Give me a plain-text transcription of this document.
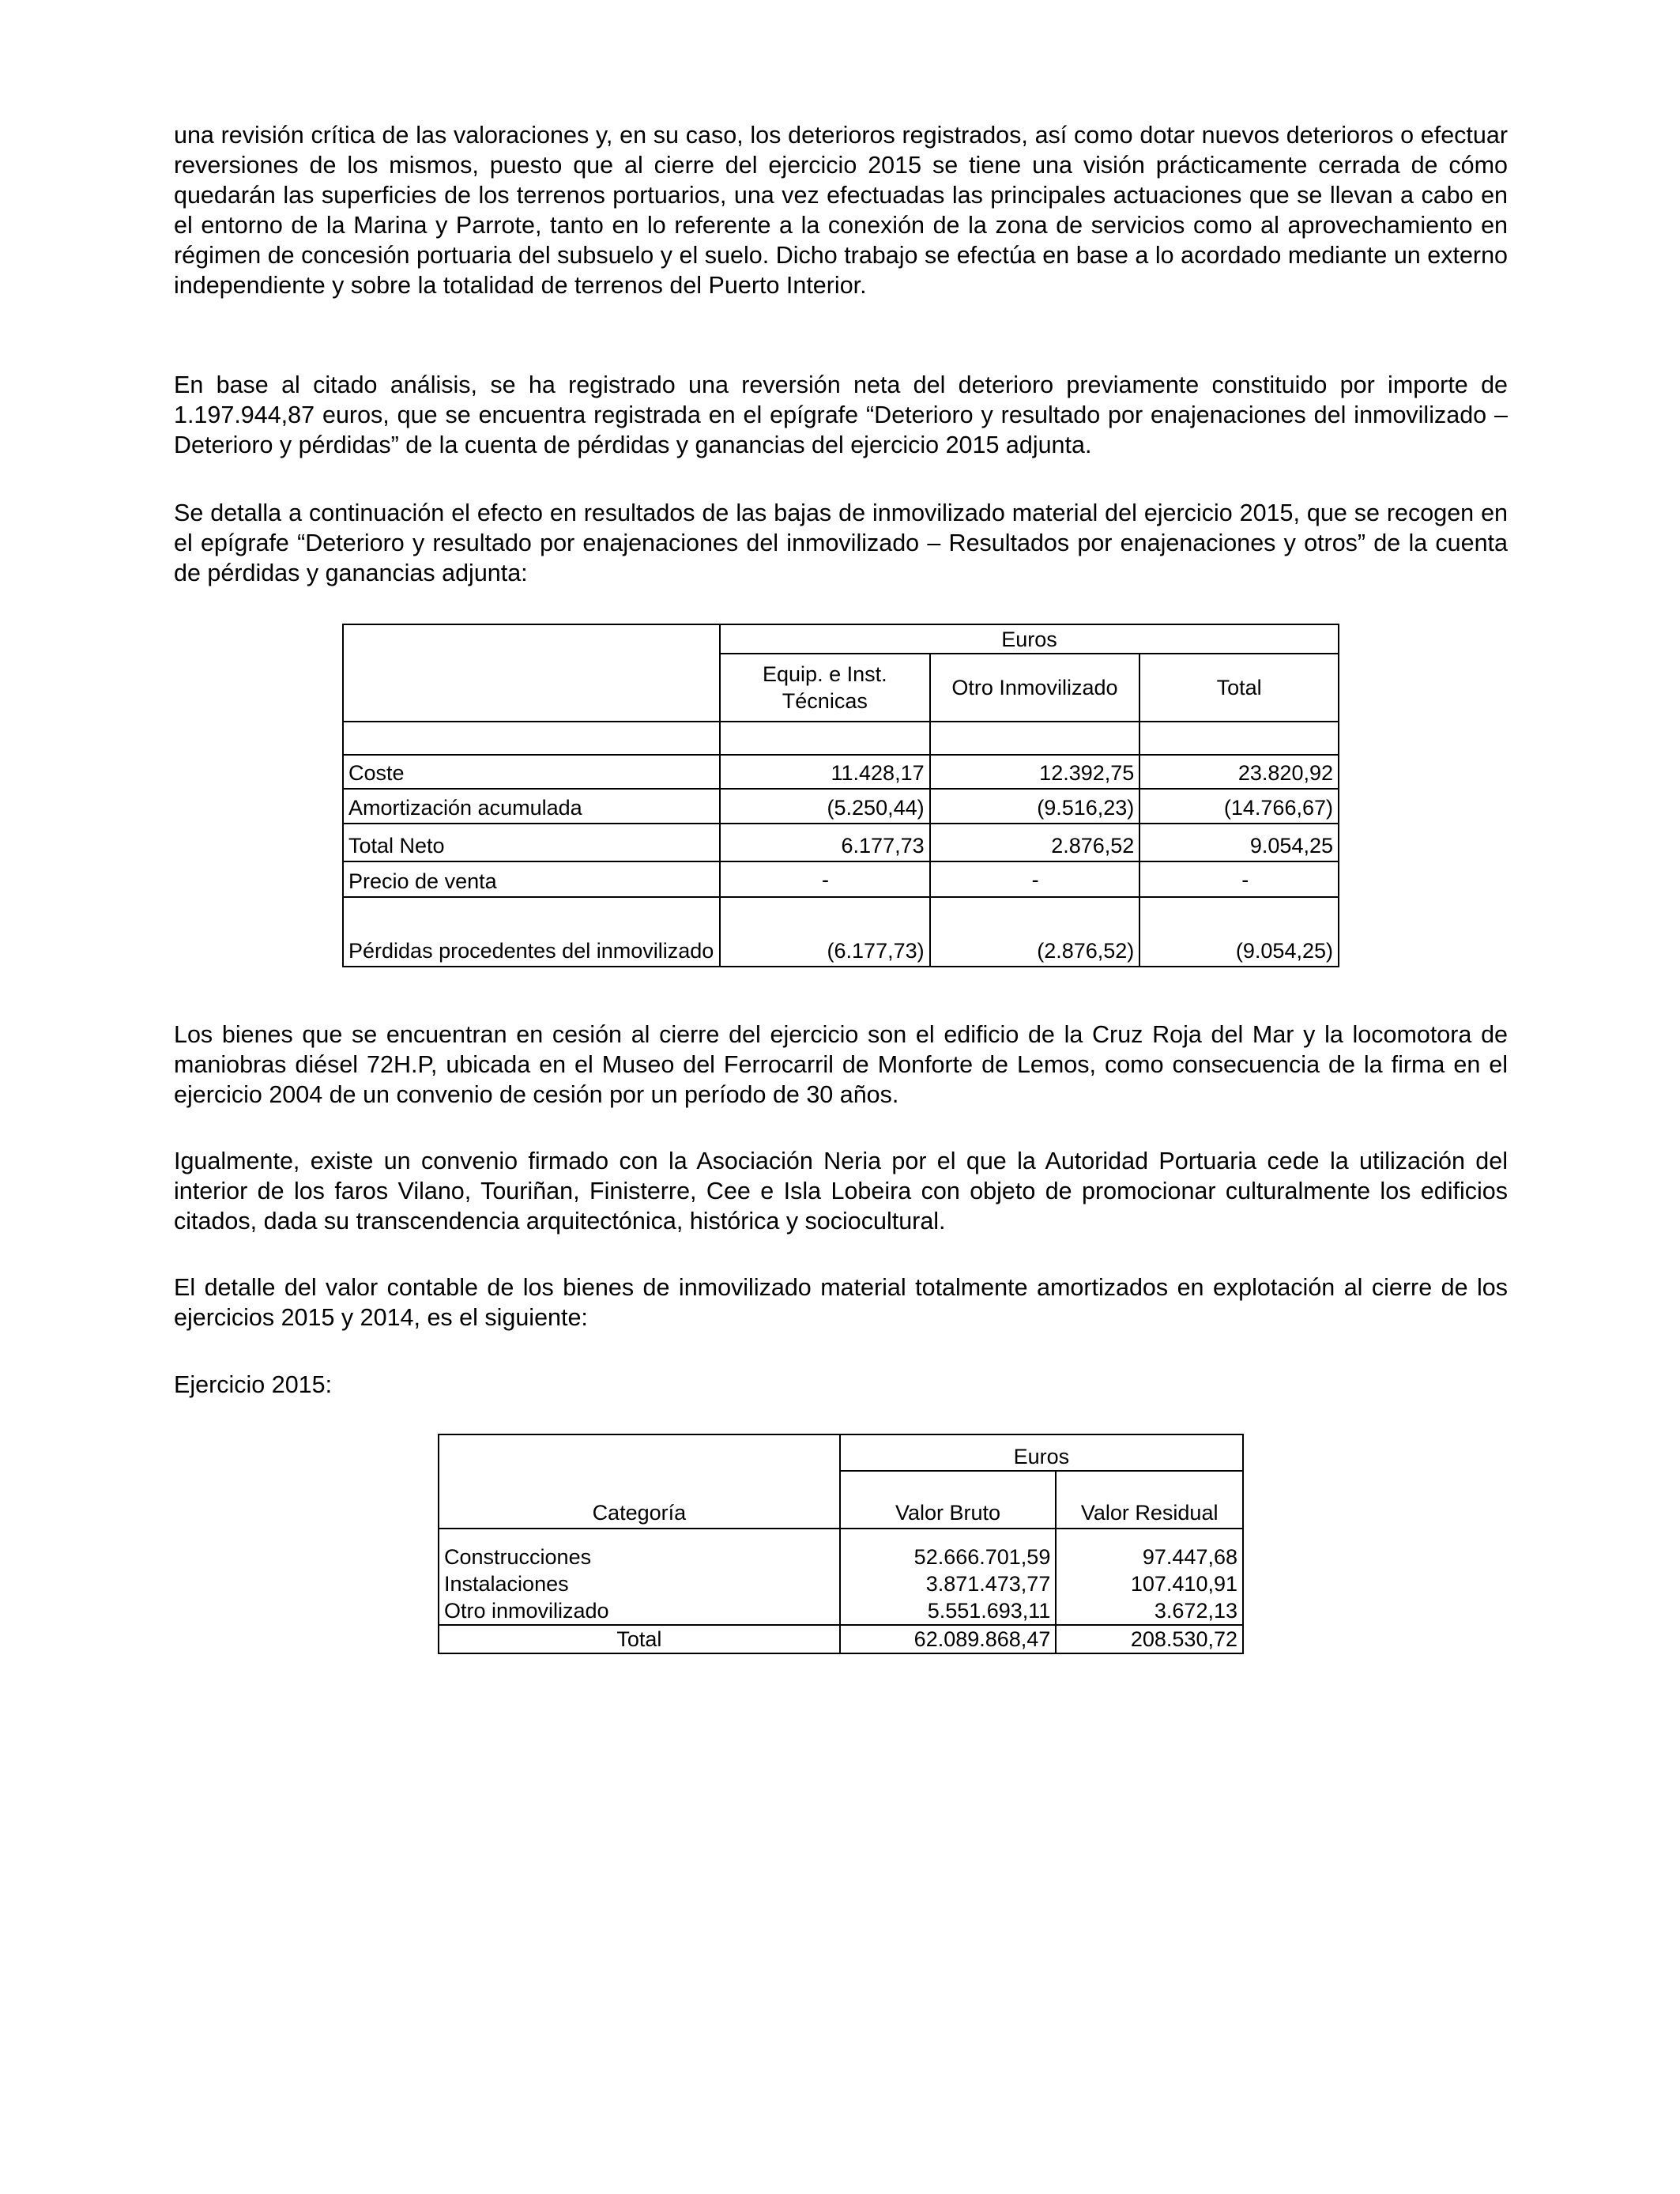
una revisión crítica de las valoraciones y, en su caso, los deterioros registrados, así como dotar nuevos deterioros o efectuar reversiones de los mismos, puesto que al cierre del ejercicio 2015 se tiene una visión prácticamente cerrada de cómo quedarán las superficies de los terrenos portuarios, una vez efectuadas las principales actuaciones que se llevan a cabo en el entorno de la Marina y Parrote, tanto en lo referente a la conexión de la zona de servicios como al aprovechamiento en régimen de concesión portuaria del subsuelo y el suelo. Dicho trabajo se efectúa en base a lo acordado mediante un externo independiente y sobre la totalidad de terrenos del Puerto Interior.

En base al citado análisis, se ha registrado una reversión neta del deterioro previamente constituido por importe de 1.197.944,87 euros, que se encuentra registrada en el epígrafe “Deterioro y resultado por enajenaciones del inmovilizado – Deterioro y pérdidas” de la cuenta de pérdidas y ganancias del ejercicio 2015 adjunta.

Se detalla a continuación el efecto en resultados de las bajas de inmovilizado material del ejercicio 2015, que se recogen en el epígrafe “Deterioro y resultado por enajenaciones del inmovilizado – Resultados por enajenaciones y otros” de la cuenta de pérdidas y ganancias adjunta:

	Euros		
	Equip. e Inst. Técnicas	Otro Inmovilizado	Total

Coste	11.428,17	12.392,75	23.820,92
Amortización acumulada	(5.250,44)	(9.516,23)	(14.766,67)
Total Neto	6.177,73	2.876,52	9.054,25
Precio de venta	-	-	-
Pérdidas procedentes del inmovilizado	(6.177,73)	(2.876,52)	(9.054,25)

Los bienes que se encuentran en cesión al cierre del ejercicio son el edificio de la Cruz Roja del Mar y la locomotora de maniobras diésel 72H.P, ubicada en el Museo del Ferrocarril de Monforte de Lemos, como consecuencia de la firma en el ejercicio 2004 de un convenio de cesión por un período de 30 años.

Igualmente, existe un convenio firmado con la Asociación Neria por el que la Autoridad Portuaria cede la utilización del interior de los faros Vilano, Touriñan, Finisterre, Cee e Isla Lobeira con objeto de promocionar culturalmente los edificios citados, dada su transcendencia arquitectónica, histórica y sociocultural.

El detalle del valor contable de los bienes de inmovilizado material totalmente amortizados en explotación al cierre de los ejercicios 2015 y 2014, es el siguiente:

Ejercicio 2015:

Categoría	Euros	
	Valor Bruto	Valor Residual

Construcciones	52.666.701,59	97.447,68
Instalaciones	3.871.473,77	107.410,91
Otro inmovilizado	5.551.693,11	3.672,13
Total	62.089.868,47	208.530,72
